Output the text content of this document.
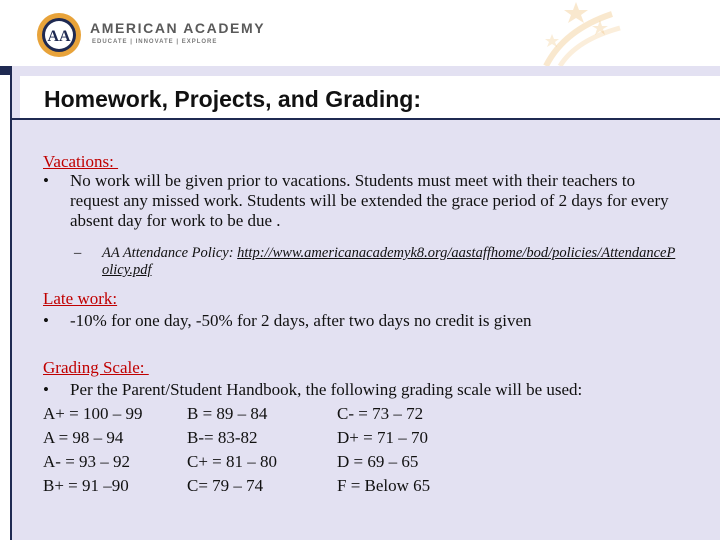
AA AMERICAN ACADEMY
EDUCATE | INNOVATE | EXPLORE
Homework, Projects, and Grading:
Vacations:
• No work will be given prior to vacations. Students must meet with their teachers to request any missed work. Students will be extended the grace period of 2 days for every absent day for work to be due .
– AA Attendance Policy: http://www.americanacademyk8.org/aastaffhome/bod/policies/AttendanceP olicy.pdf
Late work:
• -10% for one day, -50% for 2 days, after two days no credit is given
Grading Scale:
• Per the Parent/Student Handbook, the following grading scale will be used:
A+ = 100 – 99	B = 89 – 84	C- = 73 – 72
A = 98 – 94	B-= 83-82	D+ = 71 – 70
A- = 93 – 92	C+ = 81 – 80	D = 69 – 65
B+ = 91 –90	C= 79 – 74	F = Below 65
